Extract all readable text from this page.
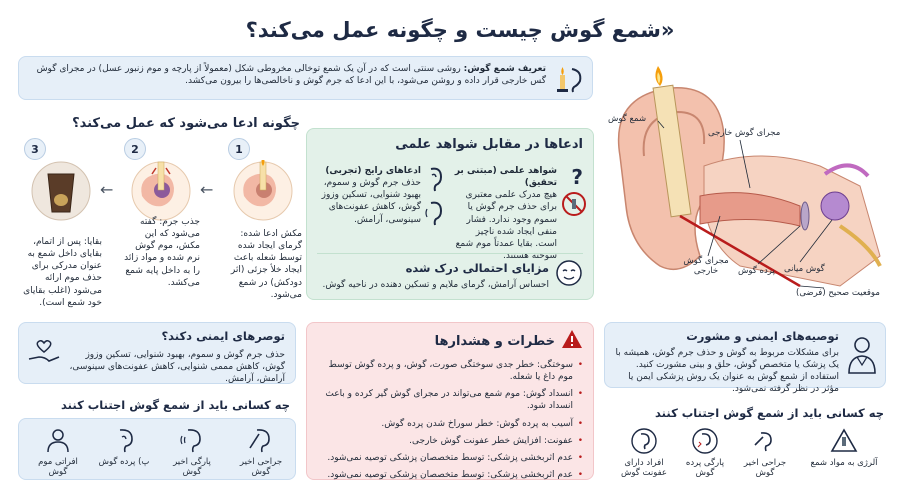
«شمع گوش چیست و چگونه عمل می‌کند؟
تعریف شمع گوش: روشی سنتی است که در آن یک شمع توخالی مخروطی شکل (معمولاً از پارچه و موم زنبور عسل) در مجرای گوش گس خارجی قرار داده و روشن می‌شود، با این ادعا که جرم گوش و ناخالصی‌ها را بیرون می‌کشد.
چگونه ادعا می‌شود که عمل می‌کند؟
1
2
3
←
←
مکش ادعا شده: گرمای ایجاد شده توسط شعله باعث ایجاد خلأ جزئی (اثر دودکش) در شمع می‌شود.
جذب جرم: گفته می‌شود که این مکش، موم گوش نرم شده و مواد زائد را به داخل پایه شمع می‌کشد.
بقایا: پس از اتمام، بقایای داخل شمع به عنوان مدرکی برای حذف موم ارائه می‌شود (اغلب بقایای خود شمع است).
ادعاها در مقابل شواهد علمی
?
شواهد علمی (مبتنی بر تحقیق)
هیچ مدرک علمی معتبری برای حذف جرم گوش یا سموم وجود ندارد. فشار منفی ایجاد شده ناچیز است. بقایا عمدتاً موم شمع سوخته هستند.
ادعاهای رایج (تجربی)
حذف جرم گوش و سموم، بهبود شنوایی، تسکین وزوز گوش، کاهش عفونت‌های سینوسی، آرامش.
مزایای احتمالی درک شده
احساس آرامش، گرمای ملایم و تسکین دهنده در ناحیه گوش.
شمع گوش
مجرای گوش خارجی
مجرای گوش خارجی	پرده گوش گوش میانی
موقعیت صحیح (فرضی)
توصیه‌های ایمنی و مشورت
برای مشکلات مربوط به گوش و حذف جرم گوش، همیشه با یک پزشک یا متخصص گوش، حلق و بینی مشورت کنید. استفاده از شمع گوش به عنوان یک روش پزشکی ایمن یا مؤثر در نظر گرفته نمی‌شود.
چه کسانی باید از شمع گوش اجتناب کنند
افراد دارای عفونت گوش
پارگی پرده گوش
جراحی اخیر گوش
آلرژی به مواد شمع
خطرات و هشدارها
• سوختگی: خطر جدی سوختگی صورت، گوش، و پرده گوش توسط موم داغ یا شعله.
• انسداد گوش: موم شمع می‌تواند در مجرای گوش گیر کرده و باعث انسداد شود.
• آسیب به پرده گوش: خطر سوراخ شدن پرده گوش.
• عفونت: افزایش خطر عفونت گوش خارجی.
• عدم اثربخشی پزشکی: توسط متخصصان پزشکی توصیه نمی‌شود.
• عدم اثربخشی پزشکی: توسط متخصصان پزشکی توصیه نمی‌شود.
توصرهای ایمنی دکند؟
حذف جرم گوش و سموم، بهبود شنوایی، تسکین وزوز گوش، کاهش مممی شنوایی، کاهش عفونت‌های سینوسی، آرامش، آرامش.
چه کسانی باید از شمع گوش اجتناب کنند
افراتی موم گوش
پ) پرده گوش	پارگی اخیر گوش
جراحی اخیر گوش
